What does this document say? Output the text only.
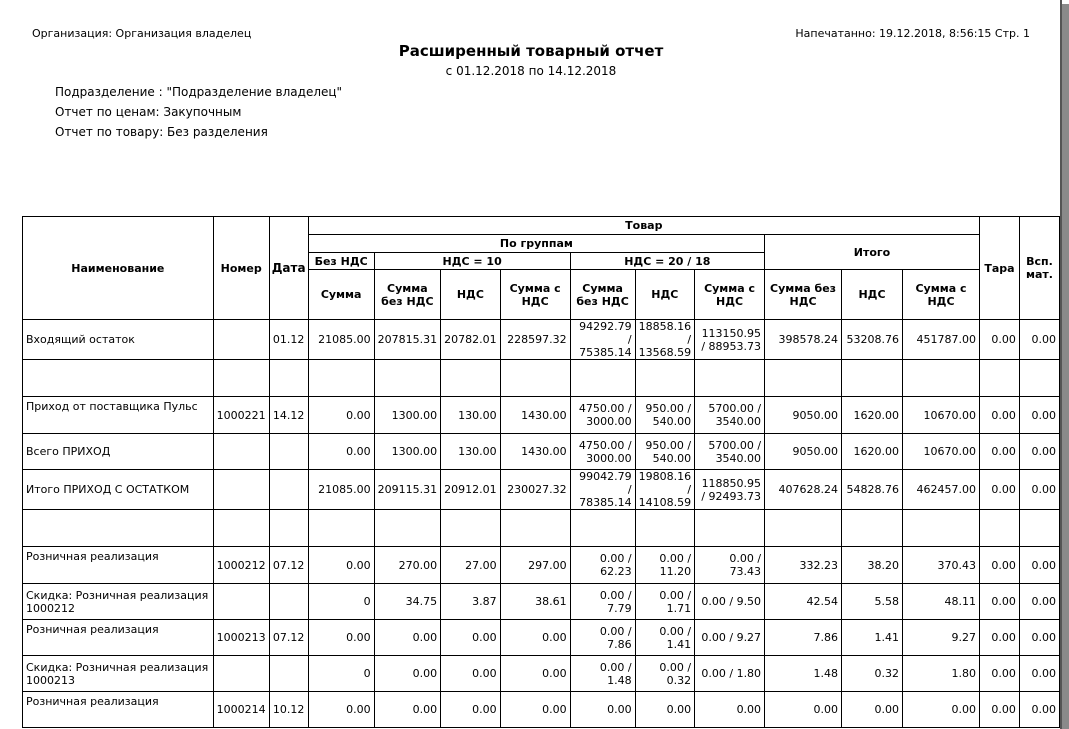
Организация: Организация владелец	Напечатанно: 19.12.2018, 8:56:15 Стр. 1
Расширенный товарный отчет
с 01.12.2018 по 14.12.2018
Подразделение : "Подразделение владелец"
Отчет по ценам: Закупочным
Отчет по товару: Без разделения
Наименование	Номер	Дата	Товар										Тара	Всп. мат.
			По группам							Итого				
			Без НДС	НДС = 10			НДС = 20 / 18							
			Сумма	Сумма без НДС	НДС	Сумма с НДС	Сумма без НДС	НДС	Сумма с НДС	Сумма без НДС	НДС	Сумма с НДС		
Входящий остаток		01.12	21085.00	207815.31	20782.01	228597.32	94292.79 / 75385.14	18858.16 / 13568.59	113150.95 / 88953.73	398578.24	53208.76	451787.00	0.00	0.00

Приход от поставщика Пульс	1000221	14.12	0.00	1300.00	130.00	1430.00	4750.00 / 3000.00	950.00 / 540.00	5700.00 / 3540.00	9050.00	1620.00	10670.00	0.00	0.00
Всего ПРИХОД			0.00	1300.00	130.00	1430.00	4750.00 / 3000.00	950.00 / 540.00	5700.00 / 3540.00	9050.00	1620.00	10670.00	0.00	0.00
Итого ПРИХОД С ОСТАТКОМ			21085.00	209115.31	20912.01	230027.32	99042.79 / 78385.14	19808.16 / 14108.59	118850.95 / 92493.73	407628.24	54828.76	462457.00	0.00	0.00

Розничная реализация	1000212	07.12	0.00	270.00	27.00	297.00	0.00 / 62.23	0.00 / 11.20	0.00 / 73.43	332.23	38.20	370.43	0.00	0.00
Скидка: Розничная реализация 1000212			0	34.75	3.87	38.61	0.00 / 7.79	0.00 / 1.71	0.00 / 9.50	42.54	5.58	48.11	0.00	0.00
Розничная реализация	1000213	07.12	0.00	0.00	0.00	0.00	0.00 / 7.86	0.00 / 1.41	0.00 / 9.27	7.86	1.41	9.27	0.00	0.00
Скидка: Розничная реализация 1000213			0	0.00	0.00	0.00	0.00 / 1.48	0.00 / 0.32	0.00 / 1.80	1.48	0.32	1.80	0.00	0.00
Розничная реализация	1000214	10.12	0.00	0.00	0.00	0.00	0.00	0.00	0.00	0.00	0.00	0.00	0.00	0.00
